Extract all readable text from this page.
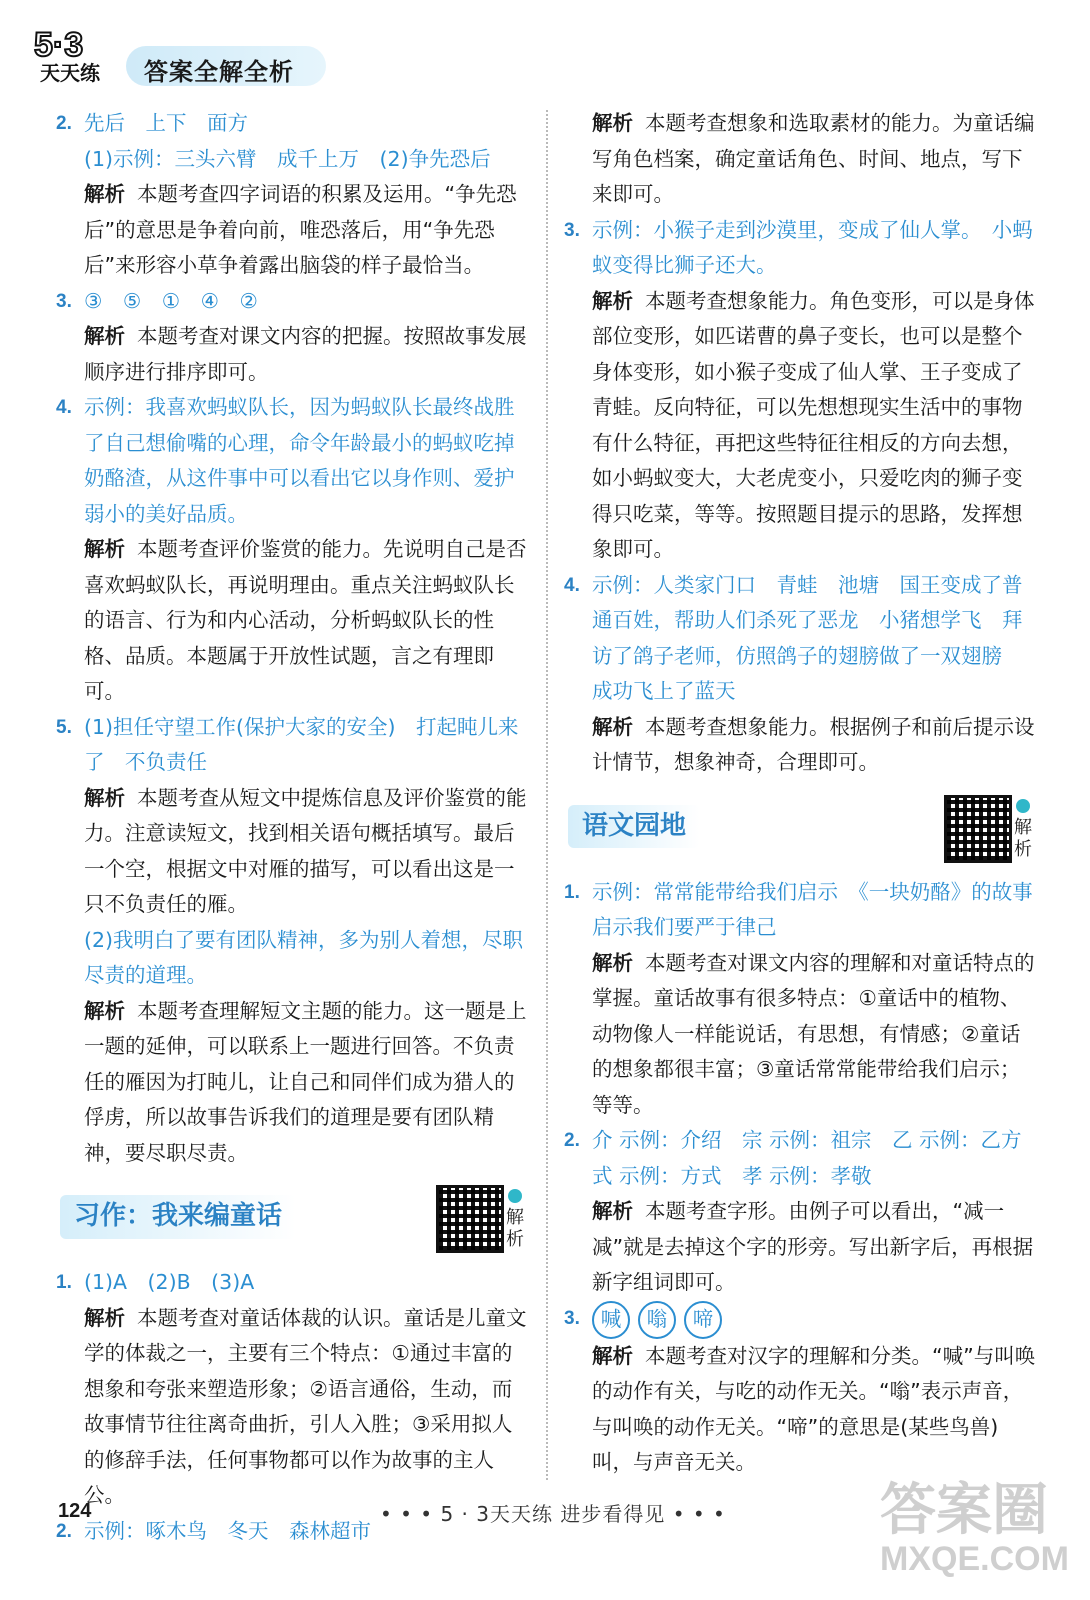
5·3
天天练 答案全解全析
2. 先后　上下　面方
(1)示例：三头六臂　成千上万　(2)争先恐后
解析 本题考查四字词语的积累及运用。“争先恐后”的意思是争着向前，唯恐落后，用“争先恐后”来形容小草争着露出脑袋的样子最恰当。
3. ③　⑤　①　④　②
解析 本题考查对课文内容的把握。按照故事发展顺序进行排序即可。
4. 示例：我喜欢蚂蚁队长，因为蚂蚁队长最终战胜了自己想偷嘴的心理，命令年龄最小的蚂蚁吃掉奶酪渣，从这件事中可以看出它以身作则、爱护弱小的美好品质。
解析 本题考查评价鉴赏的能力。先说明自己是否喜欢蚂蚁队长，再说明理由。重点关注蚂蚁队长的语言、行为和内心活动，分析蚂蚁队长的性格、品质。本题属于开放性试题，言之有理即可。
5. (1)担任守望工作(保护大家的安全)　打起盹儿来了　不负责任
解析 本题考查从短文中提炼信息及评价鉴赏的能力。注意读短文，找到相关语句概括填写。最后一个空，根据文中对雁的描写，可以看出这是一只不负责任的雁。
(2)我明白了要有团队精神，多为别人着想，尽职尽责的道理。
解析 本题考查理解短文主题的能力。这一题是上一题的延伸，可以联系上一题进行回答。不负责任的雁因为打盹儿，让自己和同伴们成为猎人的俘虏，所以故事告诉我们的道理是要有团队精神，要尽职尽责。
习作：我来编童话	解析
1. (1)A　(2)B　(3)A
解析 本题考查对童话体裁的认识。童话是儿童文学的体裁之一，主要有三个特点：①通过丰富的想象和夸张来塑造形象；②语言通俗，生动，而故事情节往往离奇曲折，引人入胜；③采用拟人的修辞手法，任何事物都可以作为故事的主人公。
2. 示例：啄木鸟　冬天　森林超市
解析 本题考查想象和选取素材的能力。为童话编写角色档案，确定童话角色、时间、地点，写下来即可。
3. 示例：小猴子走到沙漠里，变成了仙人掌。　小蚂蚁变得比狮子还大。
解析 本题考查想象能力。角色变形，可以是身体部位变形，如匹诺曹的鼻子变长，也可以是整个身体变形，如小猴子变成了仙人掌、王子变成了青蛙。反向特征，可以先想想现实生活中的事物有什么特征，再把这些特征往相反的方向去想，如小蚂蚁变大，大老虎变小，只爱吃肉的狮子变得只吃菜，等等。按照题目提示的思路，发挥想象即可。
4. 示例：人类家门口　青蛙　池塘　国王变成了普通百姓，帮助人们杀死了恶龙　小猪想学飞　拜访了鸽子老师，仿照鸽子的翅膀做了一双翅膀　成功飞上了蓝天
解析 本题考查想象能力。根据例子和前后提示设计情节，想象神奇，合理即可。
语文园地	解析
1. 示例：常常能带给我们启示　《一块奶酪》的故事启示我们要严于律己
解析 本题考查对课文内容的理解和对童话特点的掌握。童话故事有很多特点：①童话中的植物、动物像人一样能说话，有思想，有情感；②童话的想象都很丰富；③童话常常能带给我们启示；等等。
2. 介 示例：介绍　宗 示例：祖宗　乙 示例：乙方
式 示例：方式　孝 示例：孝敬
解析 本题考查字形。由例子可以看出，“减一减”就是去掉这个字的形旁。写出新字后，再根据新字组词即可。
3.	喊 嗡 啼
解析 本题考查对汉字的理解和分类。“喊”与叫唤的动作有关，与吃的动作无关。“嗡”表示声音，与叫唤的动作无关。“啼”的意思是(某些鸟兽)叫，与声音无关。
124	• • • 5 · 3天天练 进步看得见 • • •	答案圈
MXQE.COM
